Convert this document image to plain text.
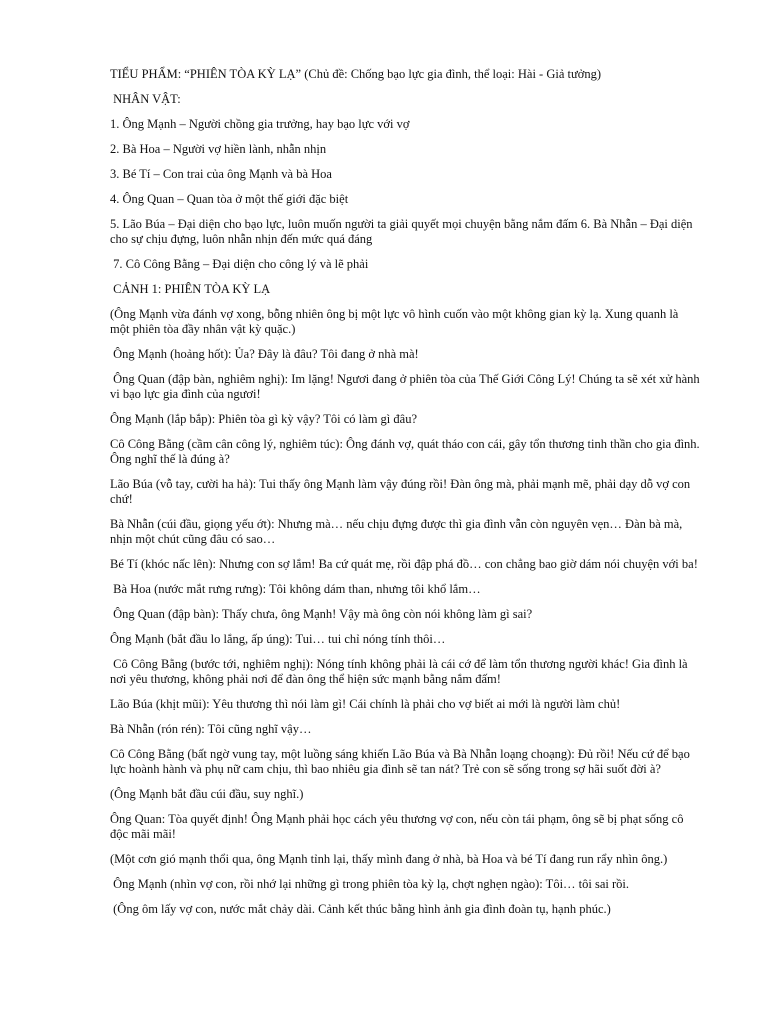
TIỂU PHẨM: “PHIÊN TÒA KỲ LẠ” (Chủ đề: Chống bạo lực gia đình, thể loại: Hài - Giả tưởng)

NHÂN VẬT:

1. Ông Mạnh – Người chồng gia trưởng, hay bạo lực với vợ

2. Bà Hoa – Người vợ hiền lành, nhẫn nhịn

3. Bé Tí – Con trai của ông Mạnh và bà Hoa

4. Ông Quan – Quan tòa ở một thế giới đặc biệt

5. Lão Búa – Đại diện cho bạo lực, luôn muốn người ta giải quyết mọi chuyện bằng nắm đấm 6. Bà Nhẫn – Đại diện cho sự chịu đựng, luôn nhẫn nhịn đến mức quá đáng

7. Cô Công Bằng – Đại diện cho công lý và lẽ phải

CẢNH 1: PHIÊN TÒA KỲ LẠ

(Ông Mạnh vừa đánh vợ xong, bỗng nhiên ông bị một lực vô hình cuốn vào một không gian kỳ lạ. Xung quanh là một phiên tòa đầy nhân vật kỳ quặc.)

Ông Mạnh (hoảng hốt): Ủa? Đây là đâu? Tôi đang ở nhà mà!

Ông Quan (đập bàn, nghiêm nghị): Im lặng! Ngươi đang ở phiên tòa của Thế Giới Công Lý! Chúng ta sẽ xét xử hành vi bạo lực gia đình của ngươi!

Ông Mạnh (lắp bắp): Phiên tòa gì kỳ vậy? Tôi có làm gì đâu?

Cô Công Bằng (cầm cân công lý, nghiêm túc): Ông đánh vợ, quát tháo con cái, gây tổn thương tinh thần cho gia đình. Ông nghĩ thế là đúng à?

Lão Búa (vỗ tay, cười ha hả): Tui thấy ông Mạnh làm vậy đúng rồi! Đàn ông mà, phải mạnh mẽ, phải dạy dỗ vợ con chứ!

Bà Nhẫn (cúi đầu, giọng yếu ớt): Nhưng mà… nếu chịu đựng được thì gia đình vẫn còn nguyên vẹn… Đàn bà mà, nhịn một chút cũng đâu có sao…

Bé Tí (khóc nấc lên): Nhưng con sợ lắm! Ba cứ quát mẹ, rồi đập phá đồ… con chẳng bao giờ dám nói chuyện với ba!

Bà Hoa (nước mắt rưng rưng): Tôi không dám than, nhưng tôi khổ lắm…

Ông Quan (đập bàn): Thấy chưa, ông Mạnh! Vậy mà ông còn nói không làm gì sai?

Ông Mạnh (bắt đầu lo lắng, ấp úng): Tui… tui chỉ nóng tính thôi…

Cô Công Bằng (bước tới, nghiêm nghị): Nóng tính không phải là cái cớ để làm tổn thương người khác! Gia đình là nơi yêu thương, không phải nơi để đàn ông thể hiện sức mạnh bằng nắm đấm!

Lão Búa (khịt mũi): Yêu thương thì nói làm gì! Cái chính là phải cho vợ biết ai mới là người làm chủ!

Bà Nhẫn (rón rén): Tôi cũng nghĩ vậy…

Cô Công Bằng (bất ngờ vung tay, một luồng sáng khiến Lão Búa và Bà Nhẫn loạng choạng): Đủ rồi! Nếu cứ để bạo lực hoành hành và phụ nữ cam chịu, thì bao nhiêu gia đình sẽ tan nát? Trẻ con sẽ sống trong sợ hãi suốt đời à?

(Ông Mạnh bắt đầu cúi đầu, suy nghĩ.)

Ông Quan: Tòa quyết định! Ông Mạnh phải học cách yêu thương vợ con, nếu còn tái phạm, ông sẽ bị phạt sống cô độc mãi mãi!

(Một cơn gió mạnh thổi qua, ông Mạnh tỉnh lại, thấy mình đang ở nhà, bà Hoa và bé Tí đang run rẩy nhìn ông.)

Ông Mạnh (nhìn vợ con, rồi nhớ lại những gì trong phiên tòa kỳ lạ, chợt nghẹn ngào): Tôi… tôi sai rồi.

(Ông ôm lấy vợ con, nước mắt chảy dài. Cảnh kết thúc bằng hình ảnh gia đình đoàn tụ, hạnh phúc.)
